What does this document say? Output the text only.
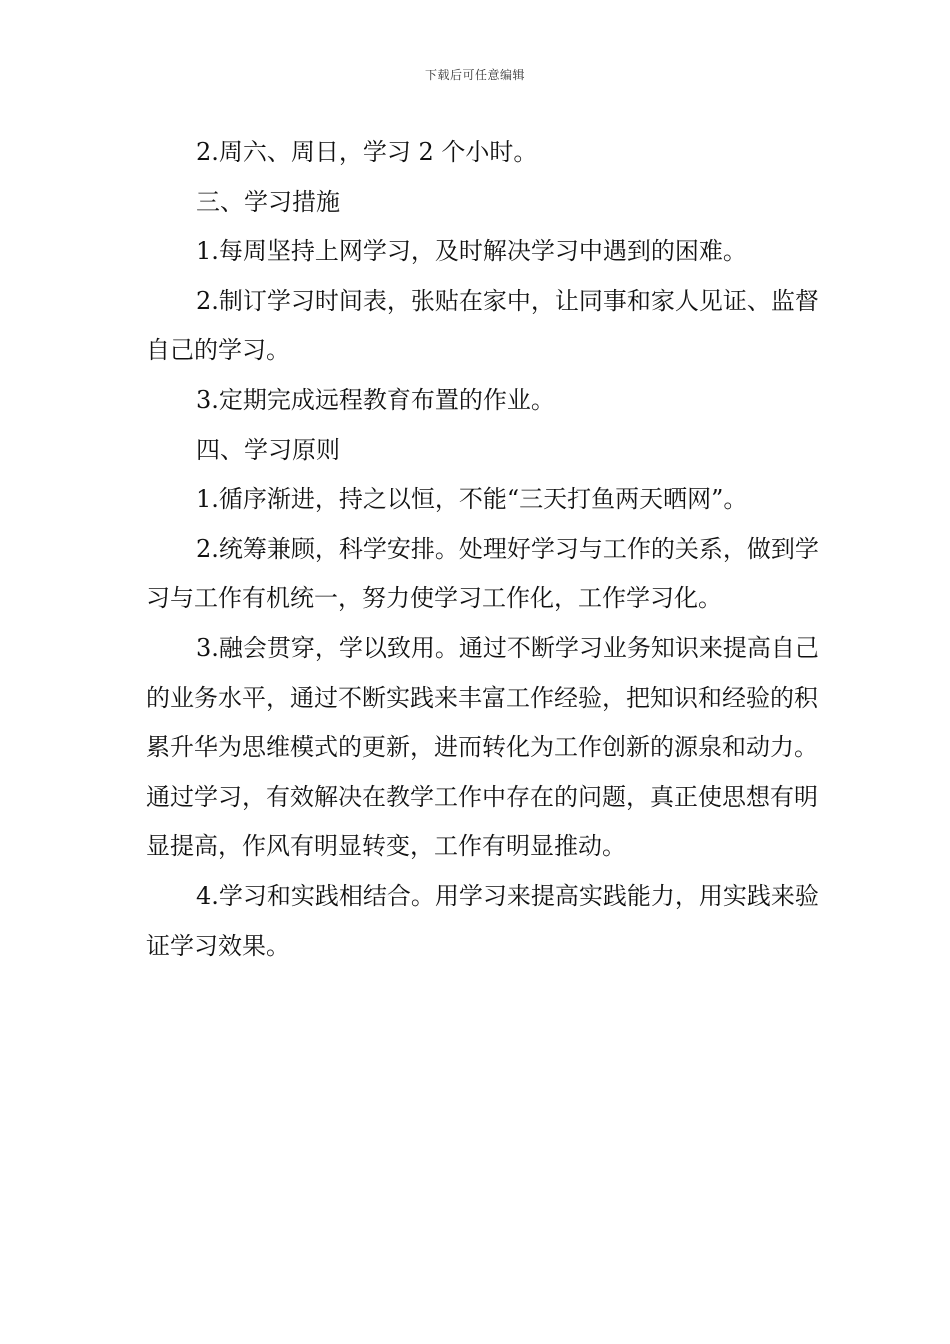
下载后可任意编辑

2.周六、周日，学习 2 个小时。

三、学习措施

1.每周坚持上网学习，及时解决学习中遇到的困难。

2.制订学习时间表，张贴在家中，让同事和家人见证、监督自己的学习。

3.定期完成远程教育布置的作业。

四、学习原则

1.循序渐进，持之以恒，不能“三天打鱼两天晒网”。

2.统筹兼顾，科学安排。处理好学习与工作的关系，做到学习与工作有机统一，努力使学习工作化，工作学习化。

3.融会贯穿，学以致用。通过不断学习业务知识来提高自己的业务水平，通过不断实践来丰富工作经验，把知识和经验的积累升华为思维模式的更新，进而转化为工作创新的源泉和动力。通过学习，有效解决在教学工作中存在的问题，真正使思想有明显提高，作风有明显转变，工作有明显推动。

4.学习和实践相结合。用学习来提高实践能力，用实践来验证学习效果。
